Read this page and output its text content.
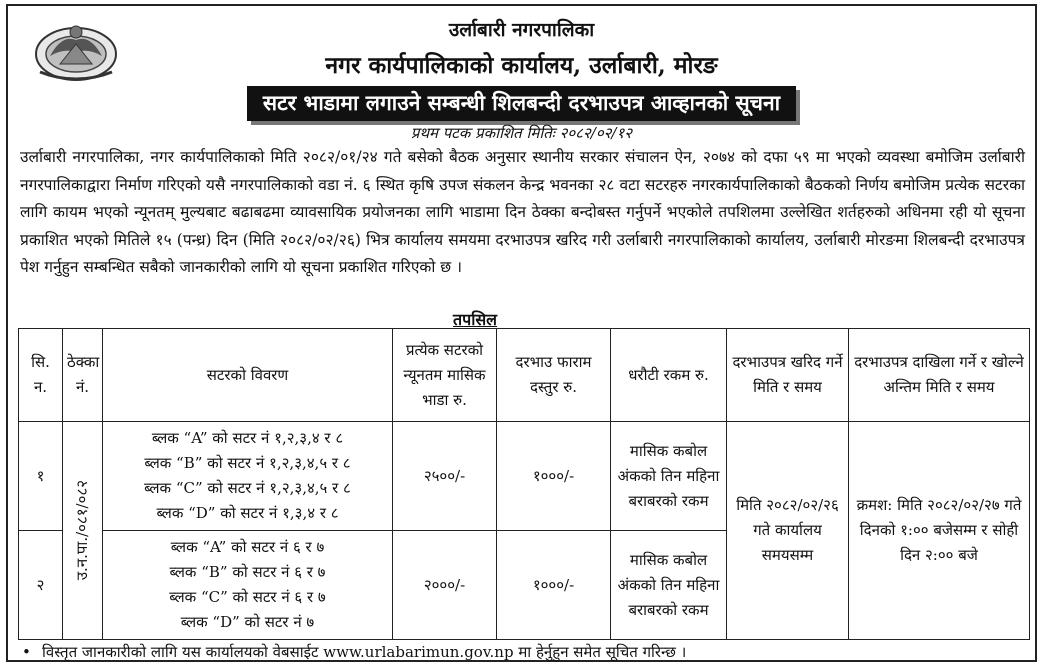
उर्लाबारी नगरपालिका
नगर कार्यपालिकाको कार्यालय, उर्लाबारी, मोरङ
सटर भाडामा लगाउने सम्बन्धी शिलबन्दी दरभाउपत्र आव्हानको सूचना
प्रथम पटक प्रकाशित मितिः २०८२/०२/१२
उर्लाबारी नगरपालिका, नगर कार्यपालिकाको मिति २०८२/०१/२४ गते बसेको बैठक अनुसार स्थानीय सरकार संचालन ऐन, २०७४ को दफा ५९ मा भएको व्यवस्था बमोजिम उर्लाबारी नगरपालिकाद्वारा निर्माण गरिएको यसै नगरपालिकाको वडा नं. ६ स्थित कृषि उपज संकलन केन्द्र भवनका २८ वटा सटरहरु नगरकार्यपालिकाको बैठकको निर्णय बमोजिम प्रत्येक सटरका लागि कायम भएको न्यूनतम् मुल्यबाट बढाबढमा व्यावसायिक प्रयोजनका लागि भाडामा दिन ठेक्का बन्दोबस्त गर्नुपर्ने भएकोले तपशिलमा उल्लेखित शर्तहरुको अधिनमा रही यो सूचना प्रकाशित भएको मितिले १५ (पन्ध्र) दिन (मिति २०८२/०२/२६) भित्र कार्यालय समयमा दरभाउपत्र खरिद गरी उर्लाबारी नगरपालिकाको कार्यालय, उर्लाबारी मोरङमा शिलबन्दी दरभाउपत्र पेश गर्नुहुन सम्बन्धित सबैको जानकारीको लागि यो सूचना प्रकाशित गरिएको छ ।
तपसिल
सि. न.	ठेक्का नं.	सटरको विवरण	प्रत्येक सटरको न्यूनतम मासिक भाडा रु.	दरभाउ फाराम दस्तुर रु.	धरौटी रकम रु.	दरभाउपत्र खरिद गर्ने मिति र समय	दरभाउपत्र दाखिला गर्ने र खोल्ने अन्तिम मिति र समय
१	उ.न.पा./०८१/०८२	ब्लक “A” को सटर नं १,२,३,४ र ८
ब्लक “B” को सटर नं १,२,३,४,५ र ८
ब्लक “C” को सटर नं १,२,३,४,५ र ८
ब्लक “D” को सटर नं १,३,४ र ८	२५००/-	१०००/-	मासिक कबोल अंकको तिन महिना बराबरको रकम	मिति २०८२/०२/२६ गते कार्यालय समयसम्म	क्रमश: मिति २०८२/०२/२७ गते दिनको १:०० बजेसम्म र सोही दिन २:०० बजे
२		ब्लक “A” को सटर नं ६ र ७
ब्लक “B” को सटर नं ६ र ७
ब्लक “C” को सटर नं ६ र ७
ब्लक “D” को सटर नं ७	२०००/-	१०००/-	मासिक कबोल अंकको तिन महिना बराबरको रकम		
• विस्तृत जानकारीको लागि यस कार्यालयको वेबसाईट www.urlabarimun.gov.np मा हेर्नुहुन समेत सूचित गरिन्छ ।
